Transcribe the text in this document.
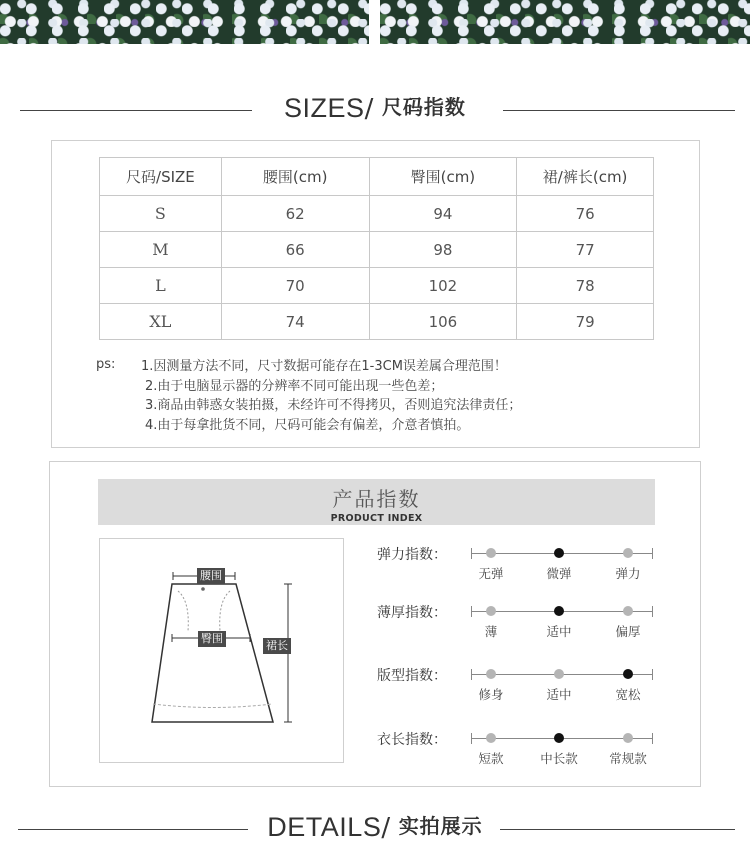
SIZES/ 尺码指数
尺码/SIZE	腰围(cm)	臀围(cm)	裙/裤长(cm)
S	62	94	76
M	66	98	77
L	70	102	78
XL	74	106	79
ps: 1.因测量方法不同，尺寸数据可能存在1-3CM误差属合理范围！
2.由于电脑显示器的分辨率不同可能出现一些色差；
3.商品由韩惑女装拍摄，未经许可不得拷贝，否则追究法律责任；
4.由于每拿批货不同，尺码可能会有偏差，介意者慎拍。
产品指数
PRODUCT INDEX
腰围
臀围
裙长
弹力指数：
无弹	微弹	弹力
薄厚指数：
薄	适中	偏厚
版型指数：
修身	适中	宽松
衣长指数：
短款	中长款	常规款
DETAILS/ 实拍展示
